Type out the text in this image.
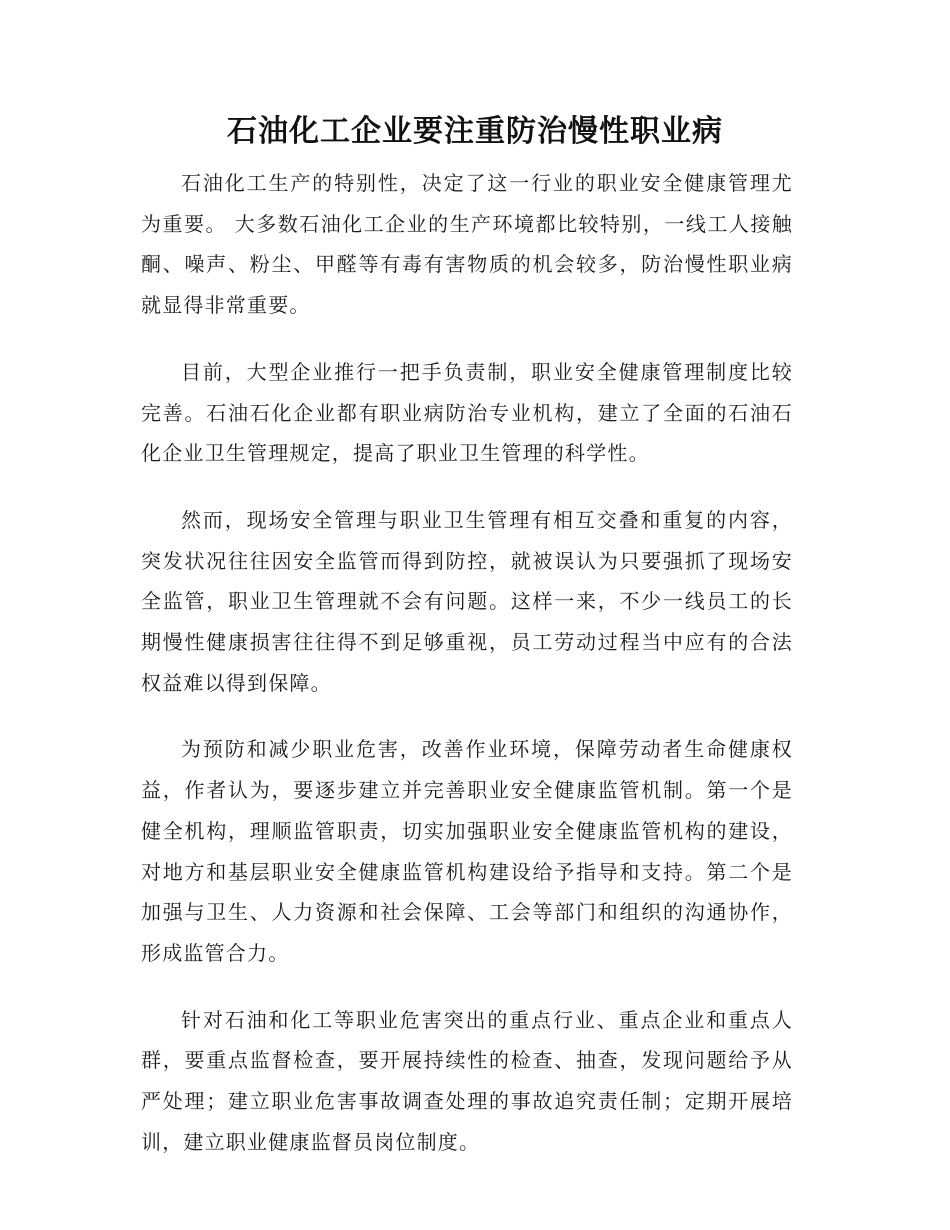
石油化工企业要注重防治慢性职业病

石油化工生产的特别性，决定了这一行业的职业安全健康管理尤为重要。 大多数石油化工企业的生产环境都比较特别，一线工人接触酮、噪声、粉尘、甲醛等有毒有害物质的机会较多，防治慢性职业病就显得非常重要。

目前，大型企业推行一把手负责制，职业安全健康管理制度比较完善。石油石化企业都有职业病防治专业机构，建立了全面的石油石化企业卫生管理规定，提高了职业卫生管理的科学性。

然而，现场安全管理与职业卫生管理有相互交叠和重复的内容，突发状况往往因安全监管而得到防控，就被误认为只要强抓了现场安全监管，职业卫生管理就不会有问题。这样一来，不少一线员工的长期慢性健康损害往往得不到足够重视，员工劳动过程当中应有的合法权益难以得到保障。

为预防和减少职业危害，改善作业环境，保障劳动者生命健康权益，作者认为，要逐步建立并完善职业安全健康监管机制。第一个是健全机构，理顺监管职责，切实加强职业安全健康监管机构的建设，对地方和基层职业安全健康监管机构建设给予指导和支持。第二个是加强与卫生、人力资源和社会保障、工会等部门和组织的沟通协作，形成监管合力。

针对石油和化工等职业危害突出的重点行业、重点企业和重点人群，要重点监督检查，要开展持续性的检查、抽查，发现问题给予从严处理；建立职业危害事故调查处理的事故追究责任制；定期开展培训，建立职业健康监督员岗位制度。
